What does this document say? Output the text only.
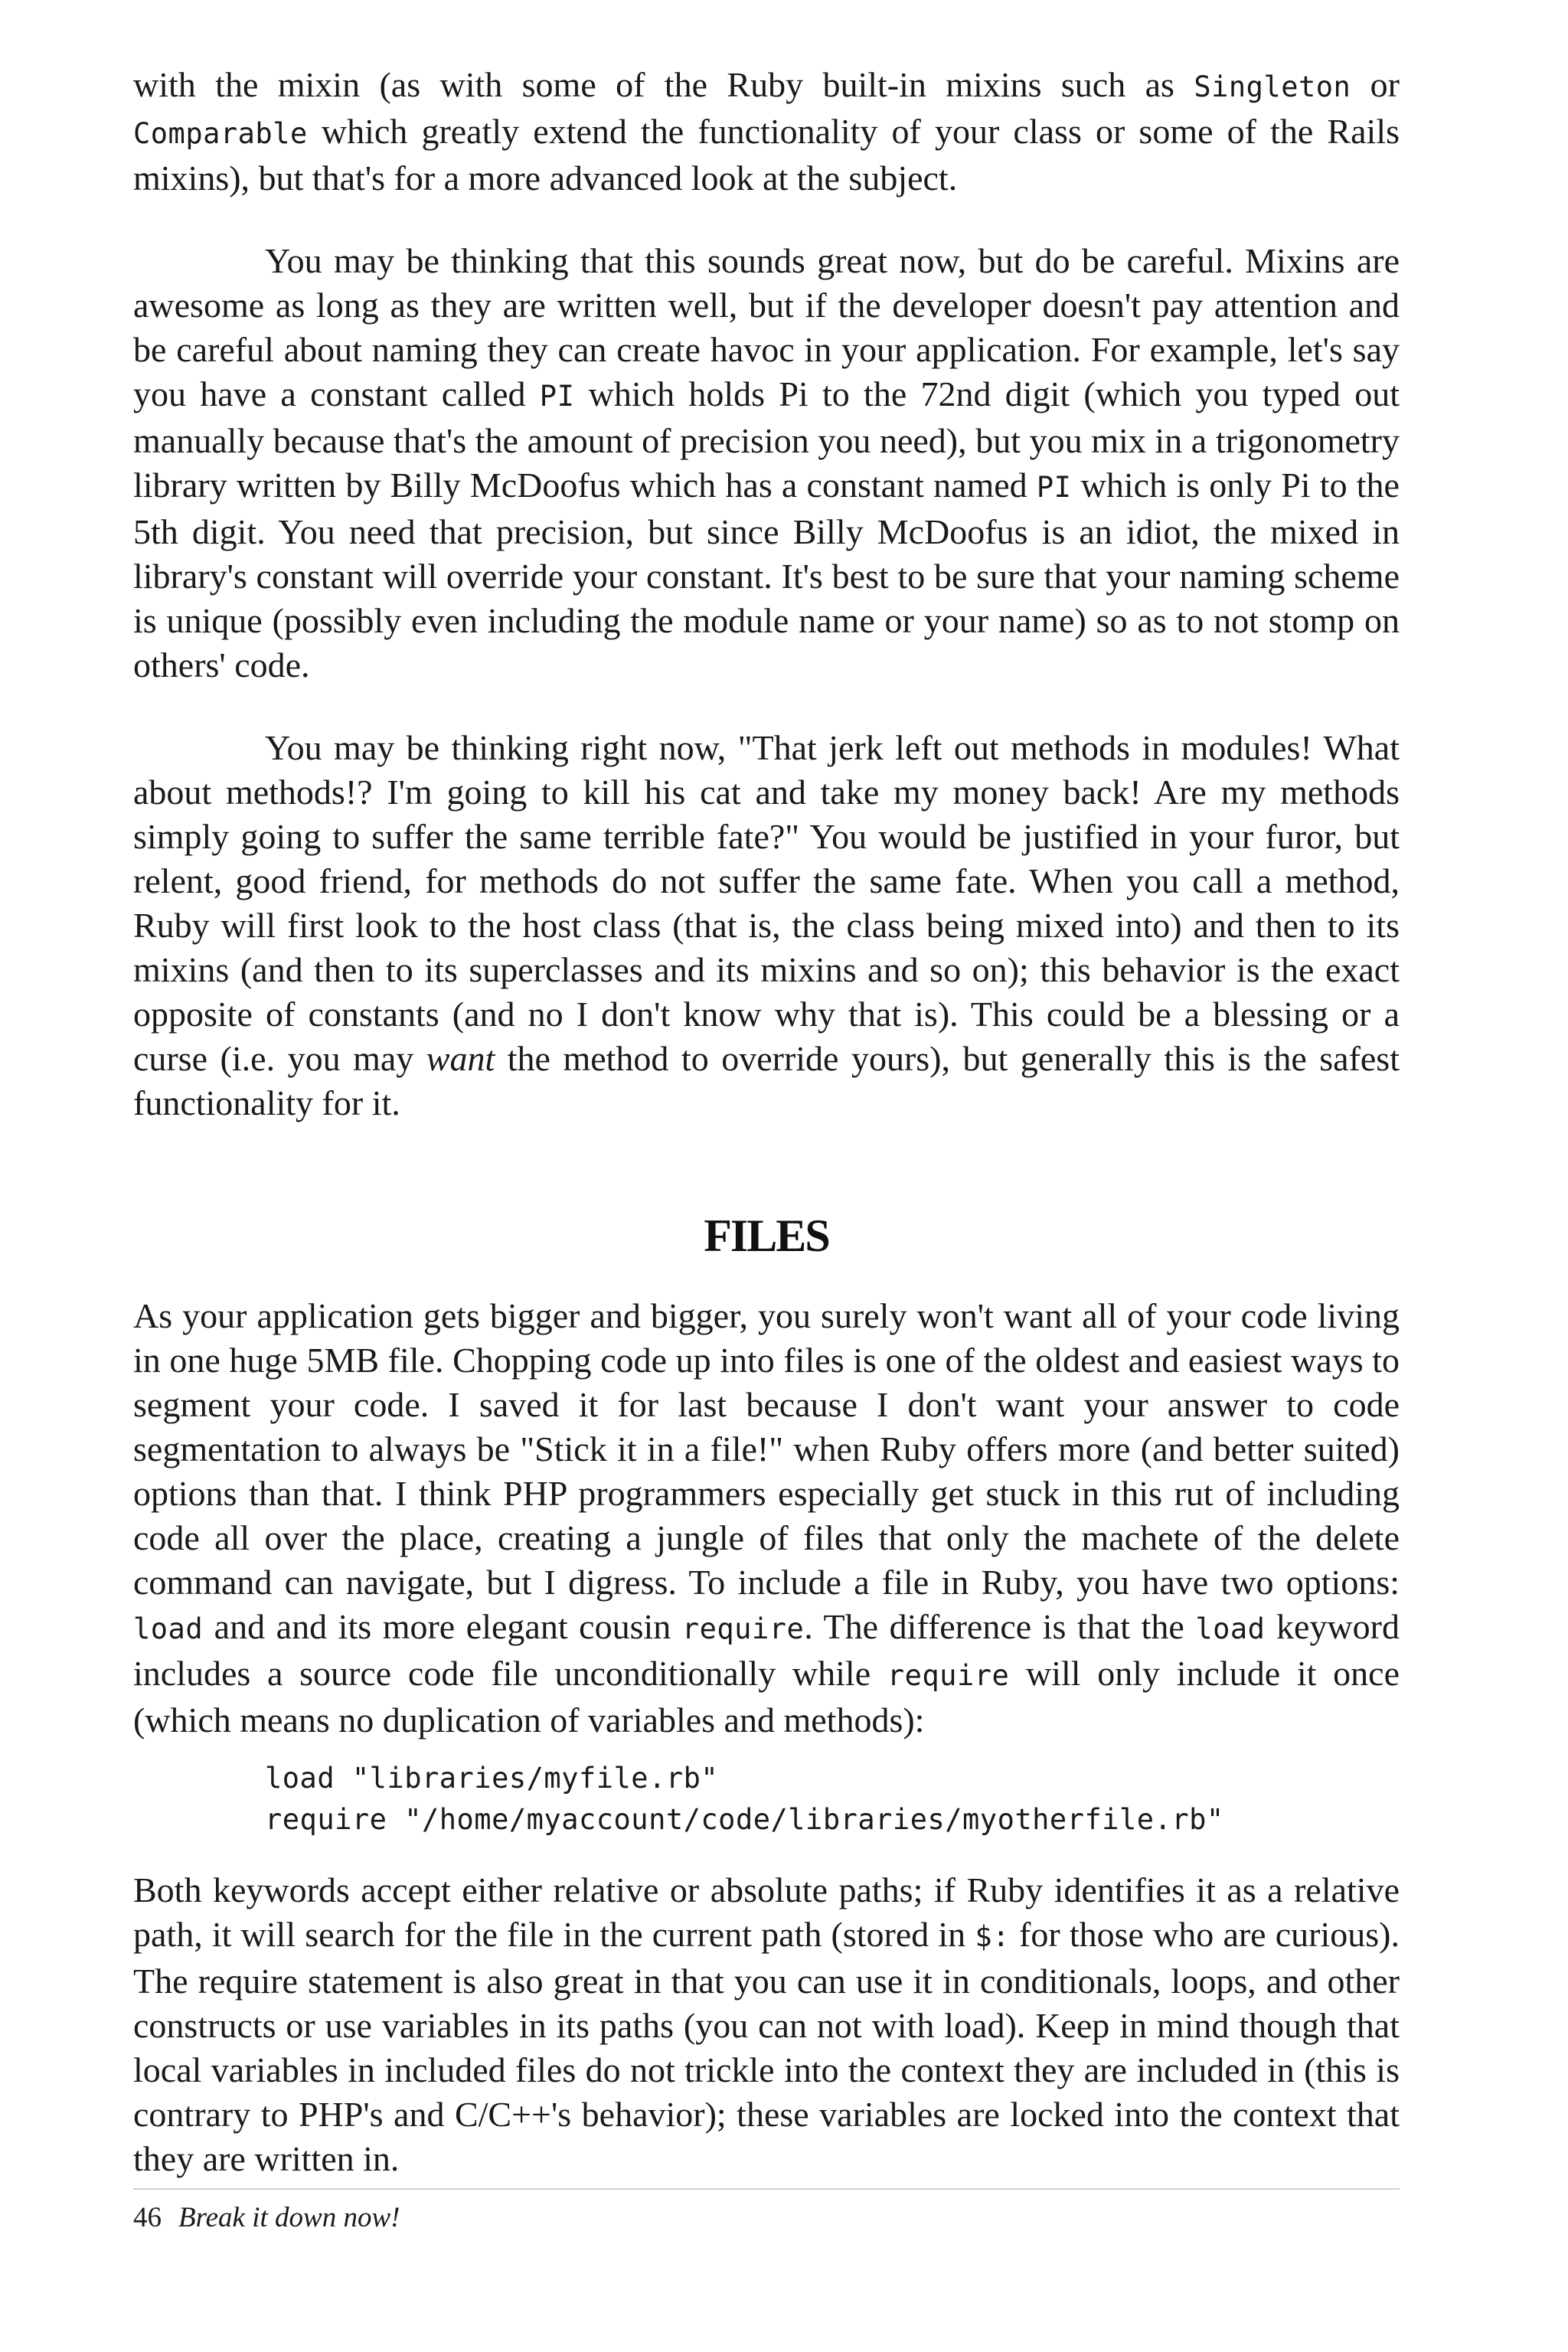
with the mixin (as with some of the Ruby built-in mixins such as Singleton or Comparable which greatly extend the functionality of your class or some of the Rails mixins), but that's for a more advanced look at the subject.

You may be thinking that this sounds great now, but do be careful. Mixins are awesome as long as they are written well, but if the developer doesn't pay attention and be careful about naming they can create havoc in your application. For example, let's say you have a constant called PI which holds Pi to the 72nd digit (which you typed out manually because that's the amount of precision you need), but you mix in a trigonometry library written by Billy McDoofus which has a constant named PI which is only Pi to the 5th digit. You need that precision, but since Billy McDoofus is an idiot, the mixed in library's constant will override your constant. It's best to be sure that your naming scheme is unique (possibly even including the module name or your name) so as to not stomp on others' code.

You may be thinking right now, "That jerk left out methods in modules! What about methods!? I'm going to kill his cat and take my money back! Are my methods simply going to suffer the same terrible fate?" You would be justified in your furor, but relent, good friend, for methods do not suffer the same fate. When you call a method, Ruby will first look to the host class (that is, the class being mixed into) and then to its mixins (and then to its superclasses and its mixins and so on); this behavior is the exact opposite of constants (and no I don't know why that is). This could be a blessing or a curse (i.e. you may want the method to override yours), but generally this is the safest functionality for it.

FILES

As your application gets bigger and bigger, you surely won't want all of your code living in one huge 5MB file. Chopping code up into files is one of the oldest and easiest ways to segment your code. I saved it for last because I don't want your answer to code segmentation to always be "Stick it in a file!" when Ruby offers more (and better suited) options than that. I think PHP programmers especially get stuck in this rut of including code all over the place, creating a jungle of files that only the machete of the delete command can navigate, but I digress. To include a file in Ruby, you have two options: load and and its more elegant cousin require. The difference is that the load keyword includes a source code file unconditionally while require will only include it once (which means no duplication of variables and methods):

load "libraries/myfile.rb"
require "/home/myaccount/code/libraries/myotherfile.rb"

Both keywords accept either relative or absolute paths; if Ruby identifies it as a relative path, it will search for the file in the current path (stored in $: for those who are curious). The require statement is also great in that you can use it in conditionals, loops, and other constructs or use variables in its paths (you can not with load). Keep in mind though that local variables in included files do not trickle into the context they are included in (this is contrary to PHP's and C/C++'s behavior); these variables are locked into the context that they are written in.

46 Break it down now!
